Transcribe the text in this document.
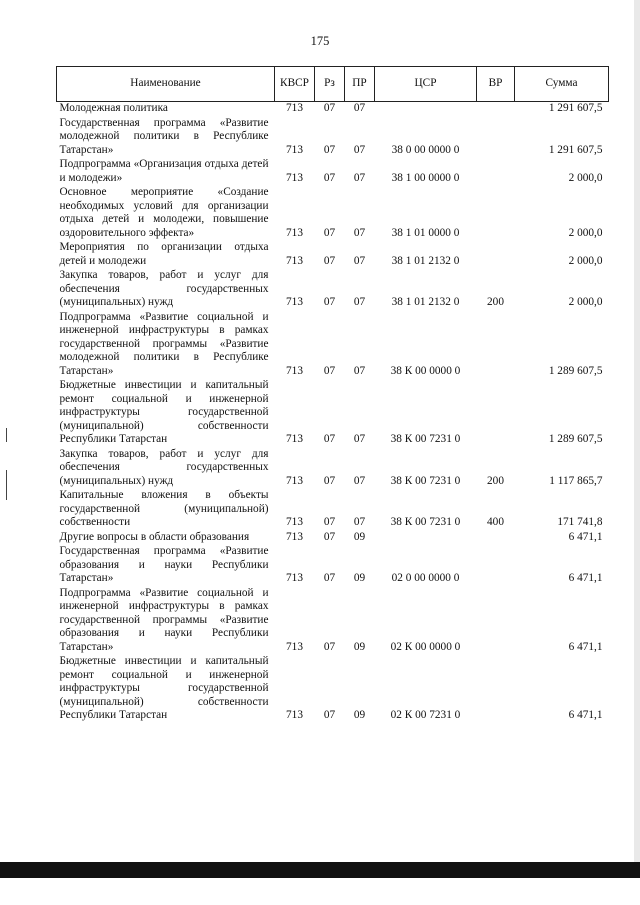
175
Наименование	КВСР	Рз	ПР	ЦСР	ВР	Сумма
Молодежная политика	713	07	07			1 291 607,5
Государственная программа «Развитие молодежной политики в Республике Татарстан»	713	07	07	38 0 00 0000 0		1 291 607,5
Подпрограмма «Организация отдыха детей и молодежи»	713	07	07	38 1 00 0000 0		2 000,0
Основное мероприятие «Создание необходимых условий для организации отдыха детей и молодежи, повышение оздоровительного эффекта»	713	07	07	38 1 01 0000 0		2 000,0
Мероприятия по организации отдыха детей и молодежи	713	07	07	38 1 01 2132 0		2 000,0
Закупка товаров, работ и услуг для обеспечения государственных (муниципальных) нужд	713	07	07	38 1 01 2132 0	200	2 000,0
Подпрограмма «Развитие социальной и инженерной инфраструктуры в рамках государственной программы «Развитие молодежной политики в Республике Татарстан»	713	07	07	38 К 00 0000 0		1 289 607,5
Бюджетные инвестиции и капитальный ремонт социальной и инженерной инфраструктуры государственной (муниципальной) собственности Республики Татарстан	713	07	07	38 К 00 7231 0		1 289 607,5
Закупка товаров, работ и услуг для обеспечения государственных (муниципальных) нужд	713	07	07	38 К 00 7231 0	200	1 117 865,7
Капитальные вложения в объекты государственной (муниципальной) собственности	713	07	07	38 К 00 7231 0	400	171 741,8
Другие вопросы в области образования	713	07	09			6 471,1
Государственная программа «Развитие образования и науки Республики Татарстан»	713	07	09	02 0 00 0000 0		6 471,1
Подпрограмма «Развитие социальной и инженерной инфраструктуры в рамках государственной программы «Развитие образования и науки Республики Татарстан»	713	07	09	02 К 00 0000 0		6 471,1
Бюджетные инвестиции и капитальный ремонт социальной и инженерной инфраструктуры государственной (муниципальной) собственности Республики Татарстан	713	07	09	02 К 00 7231 0		6 471,1
